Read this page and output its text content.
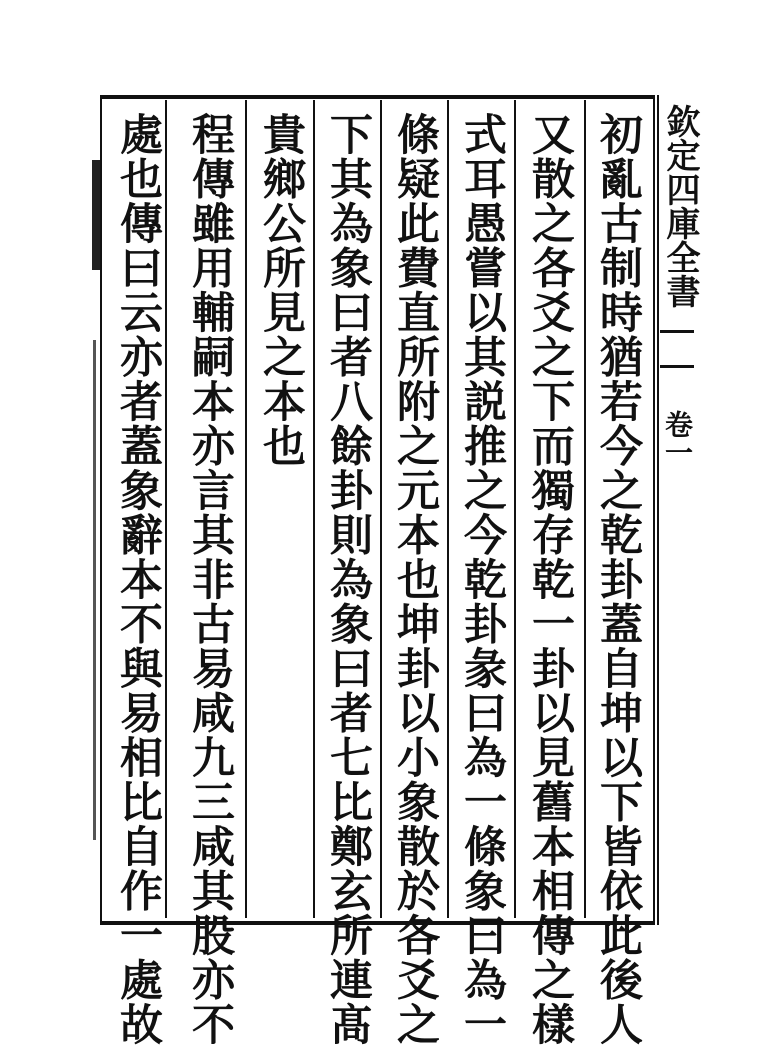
欽定四庫全書
卷一
初亂古制時猶若今之乾卦蓋自坤以下皆依此後人
又散之各爻之下而獨存乾一卦以見舊本相傳之樣
式耳愚嘗以其説推之今乾卦彖曰為一條象曰為一
條疑此費直所附之元本也坤卦以小象散於各爻之
下其為象曰者八餘卦則為象曰者七比鄭玄所連髙
貴鄉公所見之本也
程傳雖用輔嗣本亦言其非古易咸九三咸其股亦不
處也傳曰云亦者蓋象辭本不與易相比自作一處故
